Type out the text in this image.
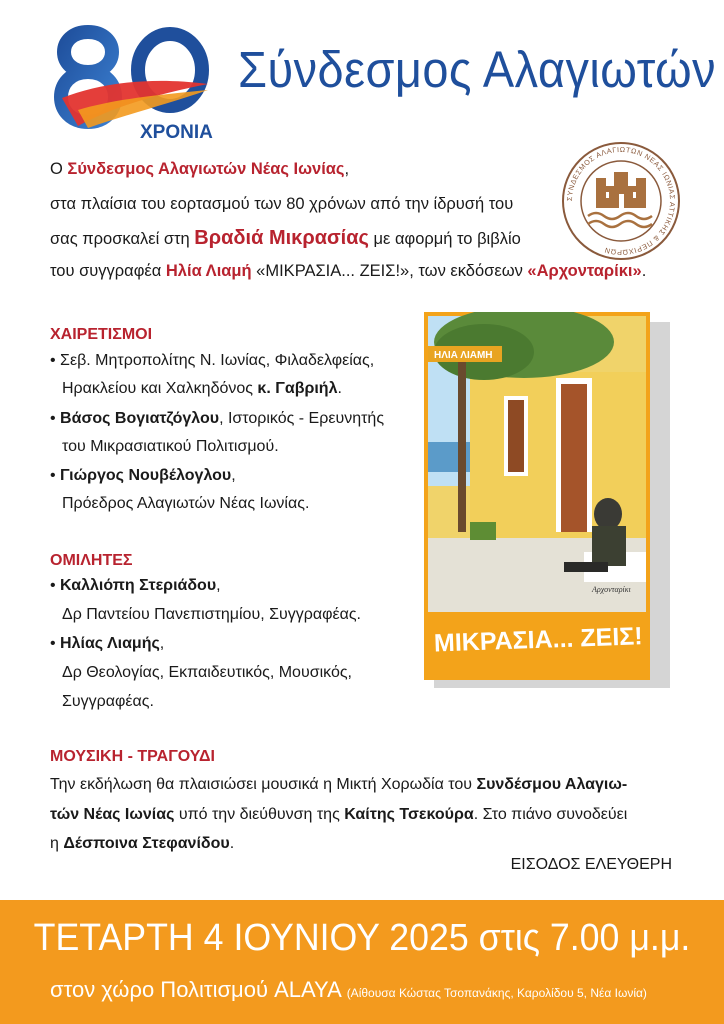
ΧΡΟΝΙΑ
Σύνδεσμος Αλαγιωτών
ΣΥΝΔΕΣΜΟΣ ΑΛΑΓΙΩΤΩΝ ΝΕΑΣ ΙΩΝΙΑΣ ΑΤΤΙΚΗΣ & ΠΕΡΙΧΩΡΩΝ
Ο Σύνδεσμος Αλαγιωτών Νέας Ιωνίας,
στα πλαίσια του εορτασμού των 80 χρόνων από την ίδρυσή του
σας προσκαλεί στη Βραδιά Μικρασίας με αφορμή το βιβλίο
του συγγραφέα Ηλία Λιαμή «ΜΙΚΡΑΣΙΑ... ΖΕΙΣ!», των εκδόσεων «Αρχονταρίκι».
ΧΑΙΡΕΤΙΣΜΟΙ
• Σεβ. Μητροπολίτης Ν. Ιωνίας, Φιλαδελφείας,
Ηρακλείου και Χαλκηδόνος κ. Γαβριήλ.
• Βάσος Βογιατζόγλου, Ιστορικός - Ερευνητής
του Μικρασιατικού Πολιτισμού.
• Γιώργος Νουβέλογλου,
Πρόεδρος Αλαγιωτών Νέας Ιωνίας.
ΟΜΙΛΗΤΕΣ
• Καλλιόπη Στεριάδου,
Δρ Παντείου Πανεπιστημίου, Συγγραφέας.
• Ηλίας Λιαμής,
Δρ Θεολογίας, Εκπαιδευτικός, Μουσικός,
Συγγραφέας.
ΜΟΥΣΙΚΗ - ΤΡΑΓΟΥΔΙ
Την εκδήλωση θα πλαισιώσει μουσικά η Μικτή Χορωδία του Συνδέσμου Αλαγιω-
τών Νέας Ιωνίας υπό την διεύθυνση της Καίτης Τσεκούρα. Στο πιάνο συνοδεύει
η Δέσποινα Στεφανίδου.
ΕΙΣΟΔΟΣ ΕΛΕΥΘΕΡΗ
ΗΛΙΑ ΛΙΑΜΗ
Αρχονταρίκι
ΜΙΚΡΑΣΙΑ... ΖΕΙΣ!
ΤΕΤΑΡΤΗ 4 ΙΟΥΝΙΟΥ 2025 στις 7.00 μ.μ.
στον χώρο Πολιτισμού ALAYA (Αίθουσα Κώστας Τσοπανάκης, Καρολίδου 5, Νέα Ιωνία)
